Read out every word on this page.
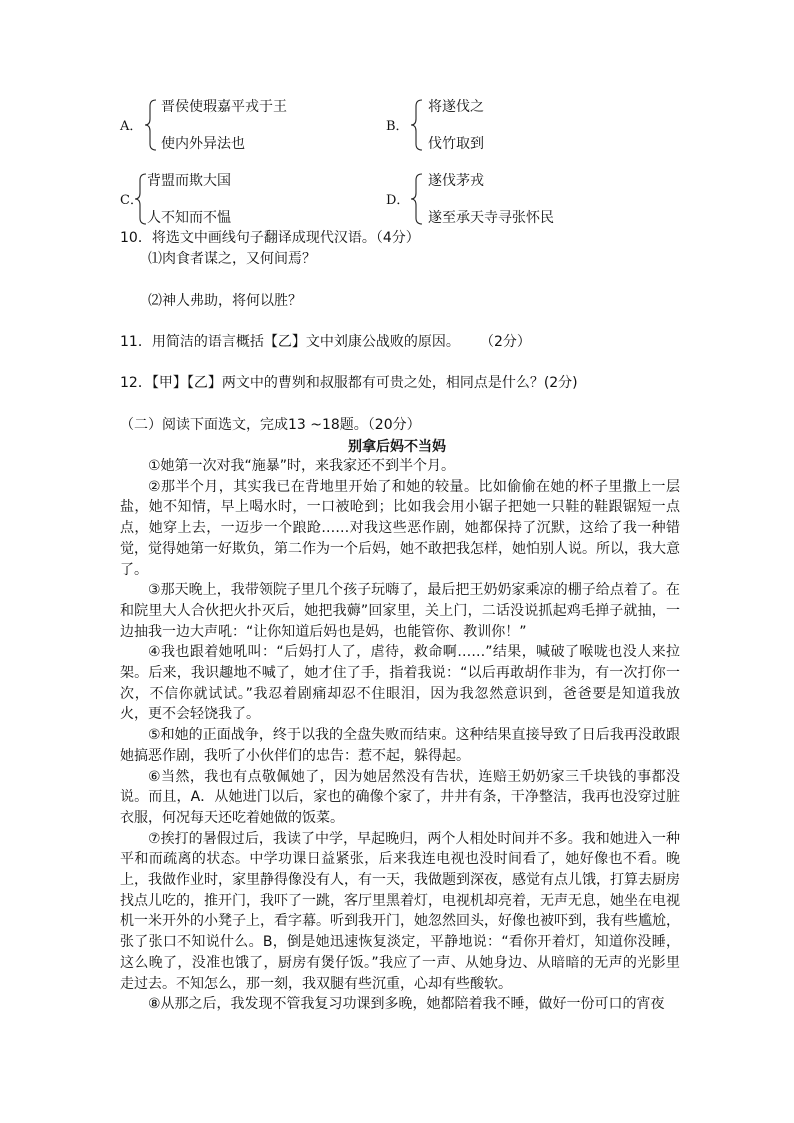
A．
晋侯使瑕嘉平戎于王
使内外异法也
B．
将遂伐之
伐竹取到
C．
背盟而欺大国
人不知而不愠
D．
遂伐茅戎
遂至承天寺寻张怀民
10．将选文中画线句子翻译成现代汉语。（4分）
⑴肉食者谋之，又何间焉？
⑵神人弗助，将何以胜？
11．用简洁的语言概括【乙】文中刘康公战败的原因。 （2分）
12．【甲】【乙】两文中的曹刿和叔服都有可贵之处，相同点是什么？(2分)
（二）阅读下面选文，完成13 ~18题。（20分）
别拿后妈不当妈

①她第一次对我“施暴”时，来我家还不到半个月。

②那半个月，其实我已在背地里开始了和她的较量。比如偷偷在她的杯子里撒上一层盐，她不知情，早上喝水时，一口被呛到；比如我会用小锯子把她一只鞋的鞋跟锯短一点点，她穿上去，一迈步一个踉跄……对我这些恶作剧，她都保持了沉默，这给了我一种错觉，觉得她第一好欺负，第二作为一个后妈，她不敢把我怎样，她怕别人说。所以，我大意了。

③那天晚上，我带领院子里几个孩子玩嗨了，最后把王奶奶家乘凉的棚子给点着了。在和院里大人合伙把火扑灭后，她把我薅”回家里，关上门，二话没说抓起鸡毛掸子就抽，一边抽我一边大声吼：“让你知道后妈也是妈，也能管你、教训你！”

④我也跟着她吼叫：“后妈打人了，虐待，救命啊……”结果，喊破了喉咙也没人来拉架。后来，我识趣地不喊了，她才住了手，指着我说：“以后再敢胡作非为，有一次打你一次，不信你就试试。”我忍着剧痛却忍不住眼泪，因为我忽然意识到，爸爸要是知道我放火，更不会轻饶我了。

⑤和她的正面战争，终于以我的全盘失败而结束。这种结果直接导致了日后我再没敢跟她搞恶作剧，我听了小伙伴们的忠告：惹不起，躲得起。

⑥当然，我也有点敬佩她了，因为她居然没有告状，连赔王奶奶家三千块钱的事都没说。而且，A．从她进门以后，家也的确像个家了，井井有条，干净整洁，我再也没穿过脏衣服，何况每天还吃着她做的饭菜。

⑦挨打的暑假过后，我读了中学，早起晚归，两个人相处时间并不多。我和她进入一种平和而疏离的状态。中学功课日益紧张，后来我连电视也没时间看了，她好像也不看。晚上，我做作业时，家里静得像没有人，有一天，我做题到深夜，感觉有点儿饿，打算去厨房找点儿吃的，推开门，我吓了一跳，客厅里黑着灯，电视机却亮着，无声无息，她坐在电视机一米开外的小凳子上，看字幕。听到我开门，她忽然回头，好像也被吓到，我有些尴尬，张了张口不知说什么。B，倒是她迅速恢复淡定，平静地说：“看你开着灯，知道你没睡，这么晚了，没准也饿了，厨房有煲仔饭。”我应了一声、从她身边、从暗暗的无声的光影里走过去。不知怎么，那一刻，我双腿有些沉重，心却有些酸软。

⑧从那之后，我发现不管我复习功课到多晚，她都陪着我不睡，做好一份可口的宵夜
